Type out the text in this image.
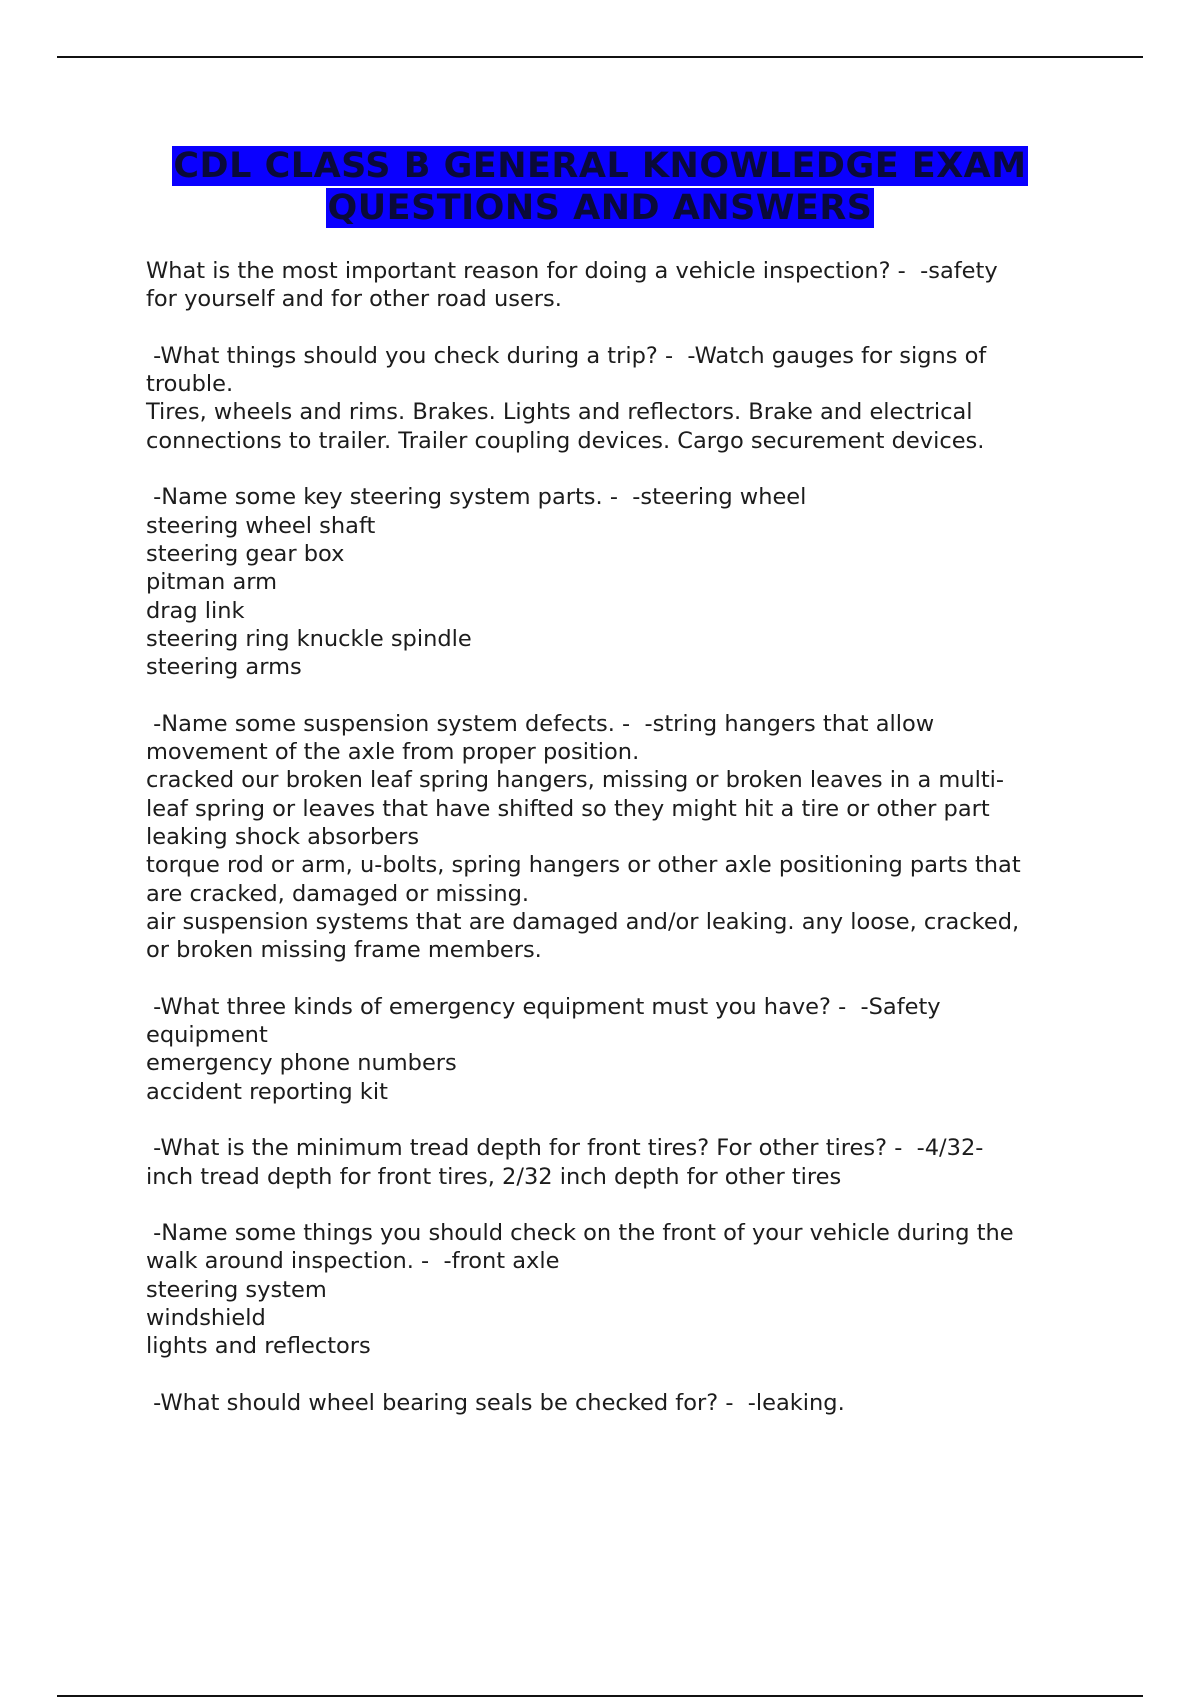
CDL CLASS B GENERAL KNOWLEDGE EXAM
QUESTIONS AND ANSWERS
What is the most important reason for doing a vehicle inspection? -  -safety
for yourself and for other road users.
-What things should you check during a trip? -  -Watch gauges for signs of
trouble.
Tires, wheels and rims. Brakes. Lights and reflectors. Brake and electrical
connections to trailer. Trailer coupling devices. Cargo securement devices.
-Name some key steering system parts. -  -steering wheel
steering wheel shaft
steering gear box
pitman arm
drag link
steering ring knuckle spindle
steering arms
-Name some suspension system defects. -  -string hangers that allow
movement of the axle from proper position.
cracked our broken leaf spring hangers, missing or broken leaves in a multi-
leaf spring or leaves that have shifted so they might hit a tire or other part
leaking shock absorbers
torque rod or arm, u-bolts, spring hangers or other axle positioning parts that
are cracked, damaged or missing.
air suspension systems that are damaged and/or leaking. any loose, cracked,
or broken missing frame members.
-What three kinds of emergency equipment must you have? -  -Safety
equipment
emergency phone numbers
accident reporting kit
-What is the minimum tread depth for front tires? For other tires? -  -4/32-
inch tread depth for front tires, 2/32 inch depth for other tires
-Name some things you should check on the front of your vehicle during the
walk around inspection. -  -front axle
steering system
windshield
lights and reflectors
-What should wheel bearing seals be checked for? -  -leaking.
